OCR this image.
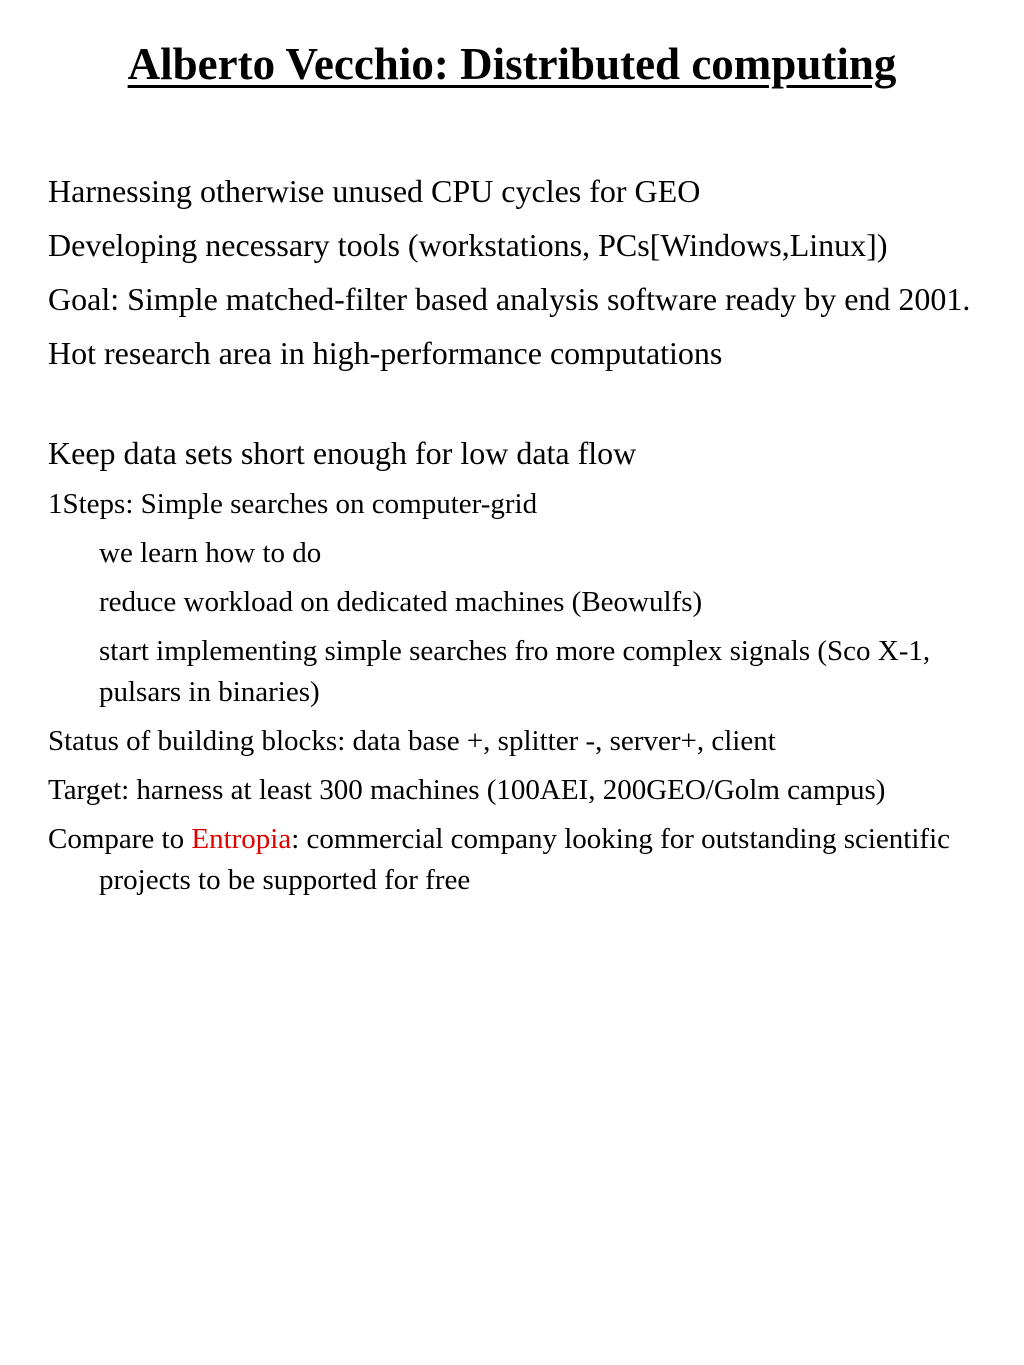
Alberto Vecchio: Distributed computing

Harnessing otherwise unused CPU cycles for GEO

Developing necessary tools (workstations, PCs[Windows,Linux])

Goal: Simple matched-filter based analysis software ready by end 2001.

Hot research area in high-performance computations

Keep data sets short enough for low data flow

1Steps: Simple searches on computer-grid

we learn how to do

reduce workload on dedicated machines (Beowulfs)

start implementing simple searches fro more complex signals (Sco X-1, pulsars in binaries)

Status of building blocks: data base +, splitter -, server+, client

Target: harness at least 300 machines (100AEI, 200GEO/Golm campus)

Compare to Entropia: commercial company looking for outstanding scientific projects to be supported for free
